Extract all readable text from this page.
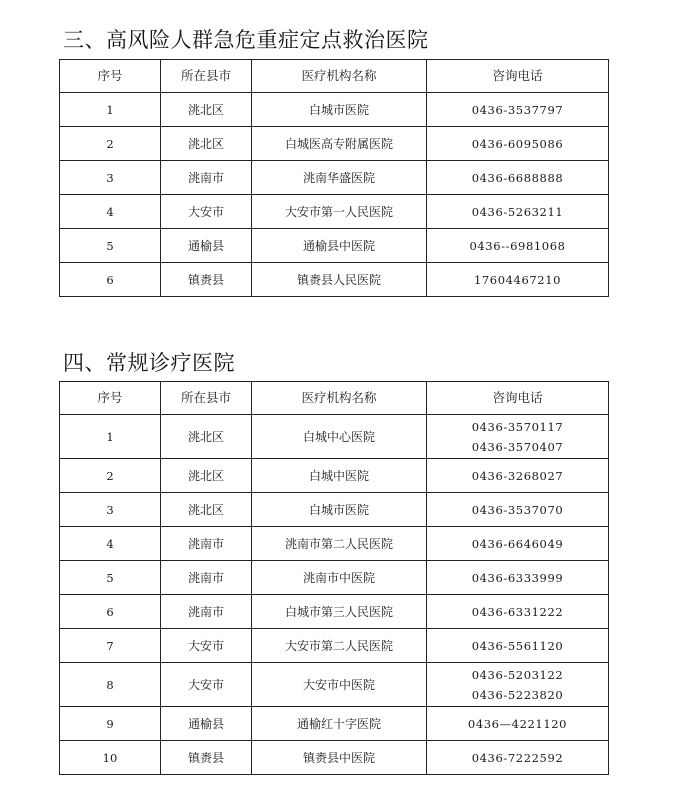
三、高风险人群急危重症定点救治医院
序号	所在县市	医疗机构名称	咨询电话
1	洮北区	白城市医院	0436-3537797

2	洮北区	白城医高专附属医院	0436-6095086

3	洮南市	洮南华盛医院	0436-6688888

4	大安市	大安市第一人民医院	0436-5263211

5	通榆县	通榆县中医院	0436--6981068

6	镇赉县	镇赉县人民医院	17604467210
四、常规诊疗医院
序号	所在县市	医疗机构名称	咨询电话
1	洮北区	白城中心医院	0436-3570117
0436-3570407

2	洮北区	白城中医院	0436-3268027

3	洮北区	白城市医院	0436-3537070

4	洮南市	洮南市第二人民医院	0436-6646049

5	洮南市	洮南市中医院	0436-6333999

6	洮南市	白城市第三人民医院	0436-6331222

7	大安市	大安市第二人民医院	0436-5561120

8	大安市	大安市中医院	0436-5203122
0436-5223820

9	通榆县	通榆红十字医院	0436—4221120

10	镇赉县	镇赉县中医院	0436-7222592
